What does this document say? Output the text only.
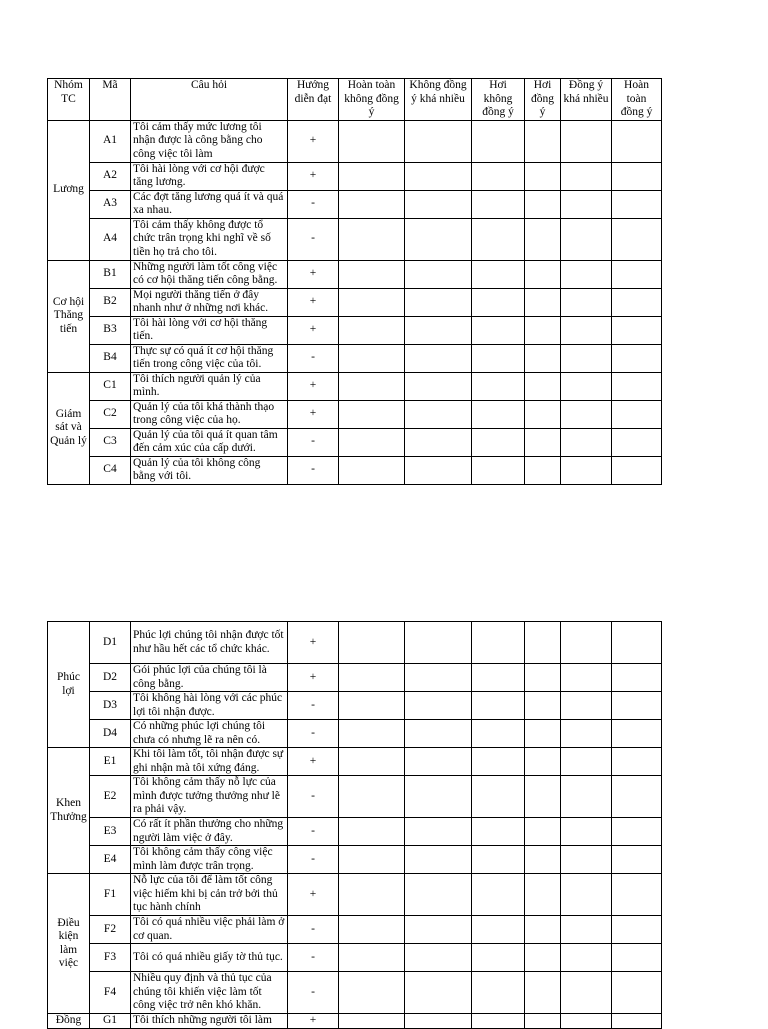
Nhóm TC	Mã	Câu hỏi	Hướng diễn đạt	Hoàn toàn không đồng ý	Không đồng ý khá nhiều	Hơi không đồng ý	Hơi đồng ý	Đồng ý khá nhiều	Hoàn toàn đồng ý
Lương	A1	Tôi cảm thấy mức lương tôi nhận được là công bằng cho công việc tôi làm	+						
	A2	Tôi hài lòng với cơ hội được tăng lương.	+						
	A3	Các đợt tăng lương quá ít và quá xa nhau.	-						
	A4	Tôi cảm thấy không được tổ chức trân trọng khi nghĩ về số tiền họ trả cho tôi.	-						
Cơ hội Thăng tiến	B1	Những người làm tốt công việc có cơ hội thăng tiến công bằng.	+						
	B2	Mọi người thăng tiến ở đây nhanh như ở những nơi khác.	+						
	B3	Tôi hài lòng với cơ hội thăng tiến.	+						
	B4	Thực sự có quá ít cơ hội thăng tiến trong công việc của tôi.	-						
Giám sát và Quản lý	C1	Tôi thích người quản lý của mình.	+						
	C2	Quản lý của tôi khá thành thạo trong công việc của họ.	+						
	C3	Quản lý của tôi quá ít quan tâm đến cảm xúc của cấp dưới.	-						
	C4	Quản lý của tôi không công bằng với tôi.	-						
Phúc lợi	D1	Phúc lợi chúng tôi nhận được tốt như hầu hết các tổ chức khác.	+						
	D2	Gói phúc lợi của chúng tôi là công bằng.	+						
	D3	Tôi không hài lòng với các phúc lợi tôi nhận được.	-						
	D4	Có những phúc lợi chúng tôi chưa có nhưng lẽ ra nên có.	-						
Khen Thưởng	E1	Khi tôi làm tốt, tôi nhận được sự ghi nhận mà tôi xứng đáng.	+						
	E2	Tôi không cảm thấy nỗ lực của mình được tưởng thưởng như lẽ ra phải vậy.	-						
	E3	Có rất ít phần thưởng cho những người làm việc ở đây.	-						
	E4	Tôi không cảm thấy công việc mình làm được trân trọng.	-						
Điều kiện làm việc	F1	Nỗ lực của tôi để làm tốt công việc hiếm khi bị cản trở bởi thủ tục hành chính	+						
	F2	Tôi có quá nhiều việc phải làm ở cơ quan.	-						
	F3	Tôi có quá nhiều giấy tờ thủ tục.	-						
	F4	Nhiều quy định và thủ tục của chúng tôi khiến việc làm tốt công việc trở nên khó khăn.	-						
Đồng	G1	Tôi thích những người tôi làm	+						
